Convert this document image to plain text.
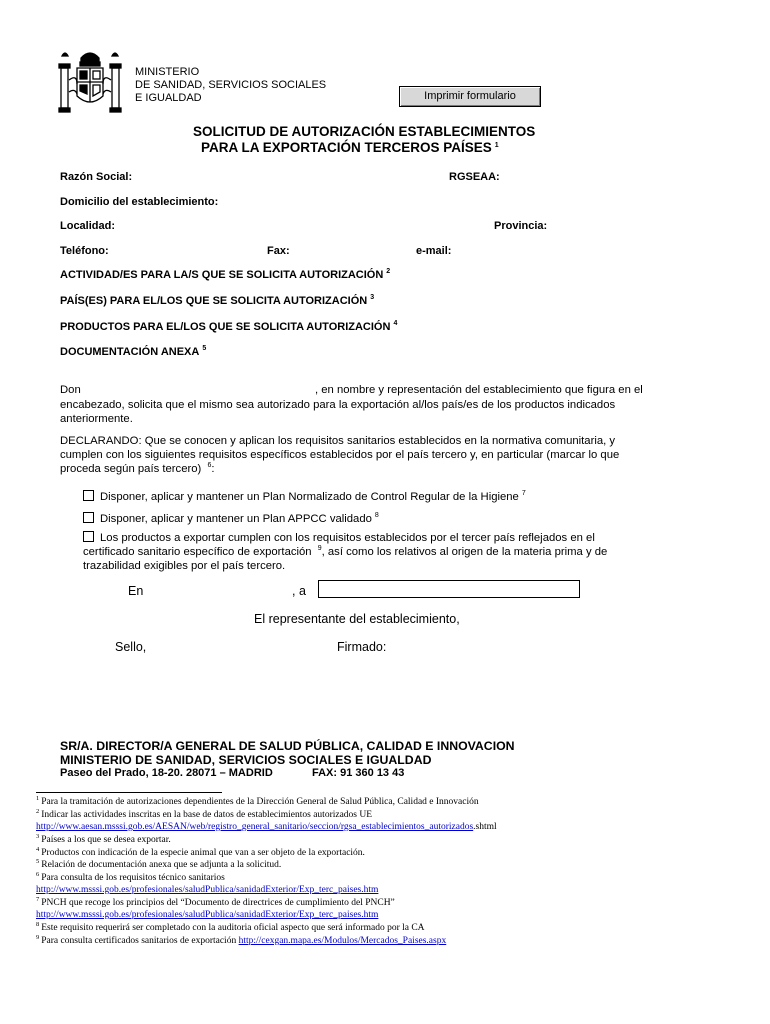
MINISTERIO
DE SANIDAD, SERVICIOS SOCIALES
E IGUALDAD	Imprimir formulario
SOLICITUD DE AUTORIZACIÓN ESTABLECIMIENTOS
PARA LA EXPORTACIÓN TERCEROS PAÍSES $^1$
Razón Social:	RGSEAA:
Domicilio del establecimiento:
Localidad:	Provincia:
Teléfono:	Fax:	e-mail:
ACTIVIDAD/ES PARA LA/S QUE SE SOLICITA AUTORIZACIÓN $^2$
PAÍS(ES) PARA EL/LOS QUE SE SOLICITA AUTORIZACIÓN $^3$
PRODUCTOS PARA EL/LOS QUE SE SOLICITA AUTORIZACIÓN $^4$
DOCUMENTACIÓN ANEXA $^5$
Don	, en nombre y representación del establecimiento que figura en el
encabezado, solicita que el mismo sea autorizado para la exportación al/los país/es de los productos indicados
anteriormente.
DECLARANDO: Que se conocen y aplican los requisitos sanitarios establecidos en la normativa comunitaria, y
cumplen con los siguientes requisitos específicos establecidos por el país tercero y, en particular (marcar lo que
proceda según país tercero) $^6$:
Disponer, aplicar y mantener un Plan Normalizado de Control Regular de la Higiene $^7$
Disponer, aplicar y mantener un Plan APPCC validado $^8$
Los productos a exportar cumplen con los requisitos establecidos por el tercer país reflejados en el
certificado sanitario específico de exportación $^9$, así como los relativos al origen de la materia prima y de
trazabilidad exigibles por el país tercero.
En	, a
El representante del establecimiento,
Sello,	Firmado:
SR/A. DIRECTOR/A GENERAL DE SALUD PÚBLICA, CALIDAD E INNOVACION
MINISTERIO DE SANIDAD, SERVICIOS SOCIALES E IGUALDAD
Paseo del Prado, 18-20. 28071 – MADRID	FAX: 91 360 13 43
$^1$ Para la tramitación de autorizaciones dependientes de la Dirección General de Salud Pública, Calidad e Innovación
$^2$ Indicar las actividades inscritas en la base de datos de establecimientos autorizados UE
http://www.aesan.msssi.gob.es/AESAN/web/registro_general_sanitario/seccion/rgsa_establecimientos_autorizados.shtml
$^3$ Países a los que se desea exportar.
$^4$ Productos con indicación de la especie animal que van a ser objeto de la exportación.
$^5$ Relación de documentación anexa que se adjunta a la solicitud.
$^6$ Para consulta de los requisitos técnico sanitarios
http://www.msssi.gob.es/profesionales/saludPublica/sanidadExterior/Exp_terc_paises.htm
$^7$ PNCH que recoge los principios del “Documento de directrices de cumplimiento del PNCH”
http://www.msssi.gob.es/profesionales/saludPublica/sanidadExterior/Exp_terc_paises.htm
$^8$ Este requisito requerirá ser completado con la auditoria oficial aspecto que será informado por la CA
$^9$ Para consulta certificados sanitarios de exportación http://cexgan.mapa.es/Modulos/Mercados_Paises.aspx
